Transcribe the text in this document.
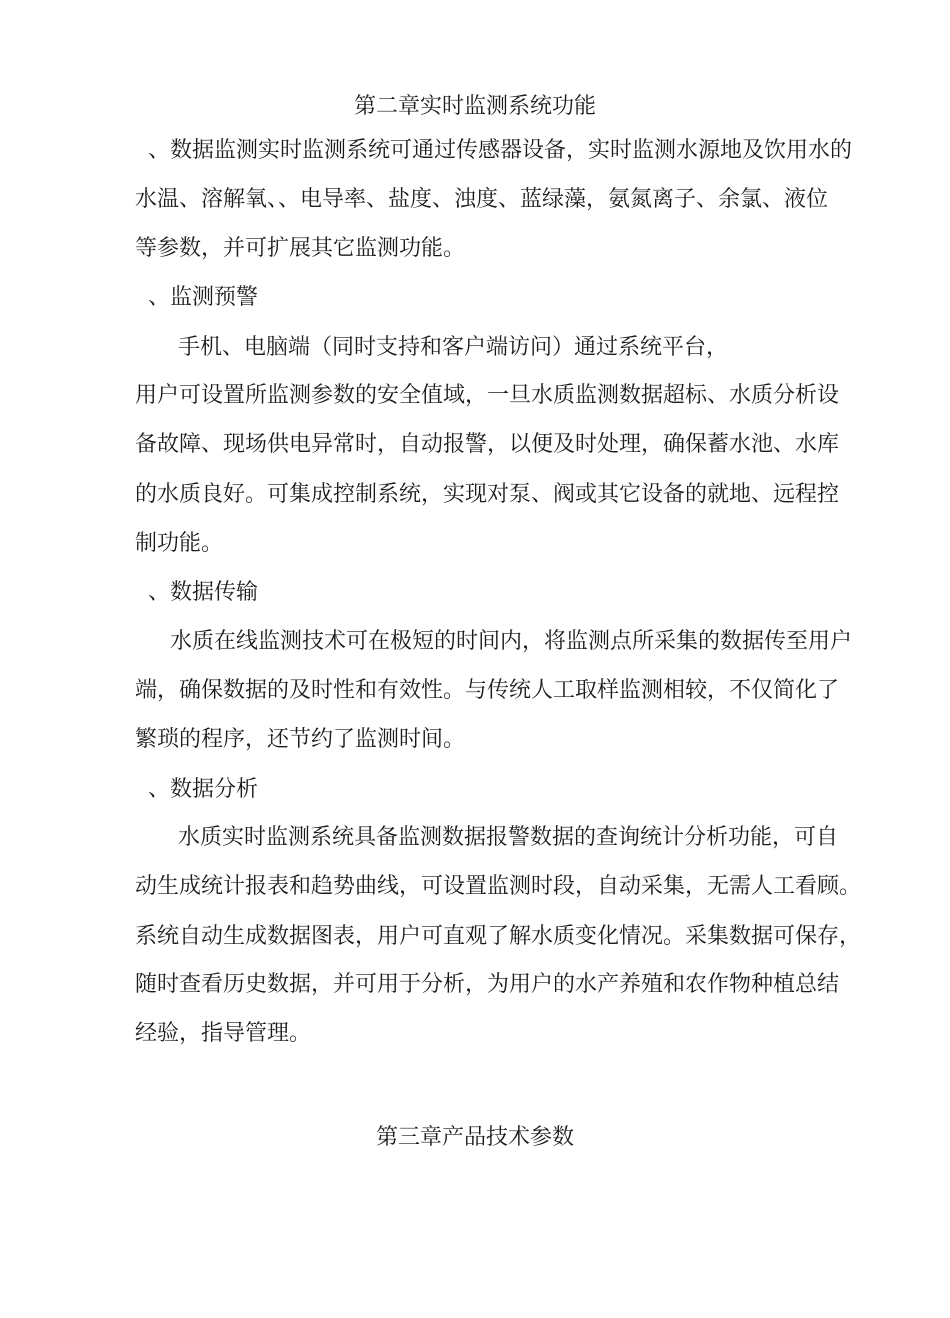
第二章实时监测系统功能

、数据监测实时监测系统可通过传感器设备，实时监测水源地及饮用水的

水温、溶解氧、、电导率、盐度、浊度、蓝绿藻，氨氮离子、余氯、液位

等参数，并可扩展其它监测功能。

、监测预警

手机、电脑端（同时支持和客户端访问）通过系统平台，

用户可设置所监测参数的安全值域，一旦水质监测数据超标、水质分析设

备故障、现场供电异常时，自动报警，以便及时处理，确保蓄水池、水库

的水质良好。可集成控制系统，实现对泵、阀或其它设备的就地、远程控

制功能。

、数据传输

水质在线监测技术可在极短的时间内，将监测点所采集的数据传至用户

端，确保数据的及时性和有效性。与传统人工取样监测相较，不仅简化了

繁琐的程序，还节约了监测时间。

、数据分析

水质实时监测系统具备监测数据报警数据的查询统计分析功能，可自

动生成统计报表和趋势曲线，可设置监测时段，自动采集，无需人工看顾。

系统自动生成数据图表，用户可直观了解水质变化情况。采集数据可保存，

随时查看历史数据，并可用于分析，为用户的水产养殖和农作物种植总结

经验，指导管理。

第三章产品技术参数
